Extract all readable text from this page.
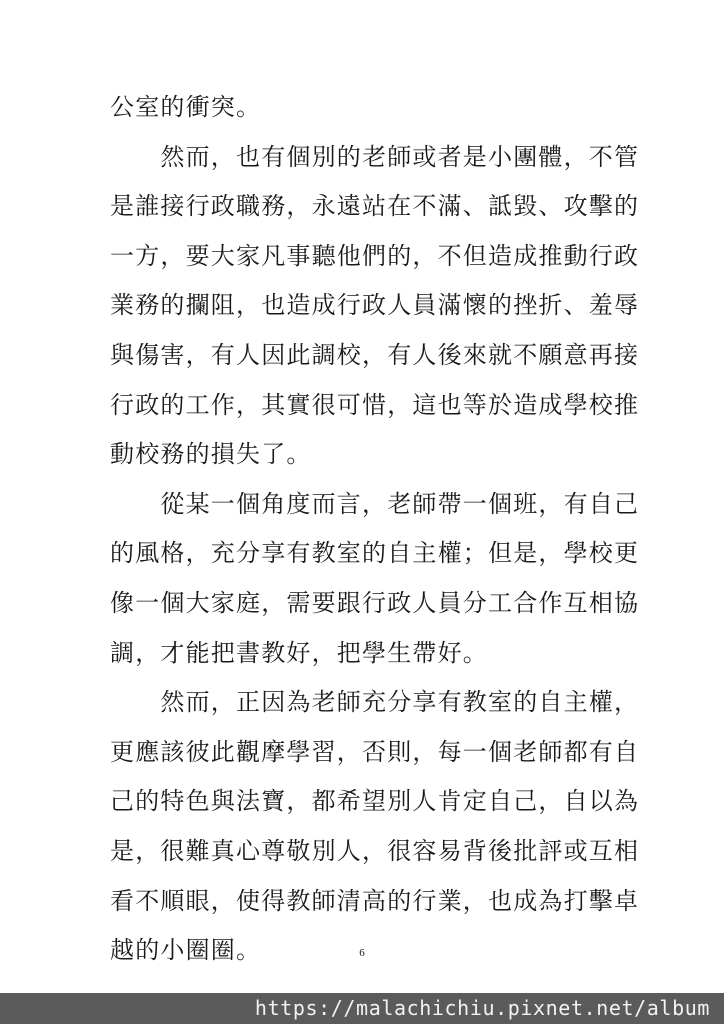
公室的衝突。
　　然而，也有個別的老師或者是小團體，不管
是誰接行政職務，永遠站在不滿、詆毀、攻擊的
一方，要大家凡事聽他們的，不但造成推動行政
業務的攔阻，也造成行政人員滿懷的挫折、羞辱
與傷害，有人因此調校，有人後來就不願意再接
行政的工作，其實很可惜，這也等於造成學校推
動校務的損失了。
　　從某一個角度而言，老師帶一個班，有自己
的風格，充分享有教室的自主權；但是，學校更
像一個大家庭，需要跟行政人員分工合作互相協
調，才能把書教好，把學生帶好。
　　然而，正因為老師充分享有教室的自主權，
更應該彼此觀摩學習，否則，每一個老師都有自
己的特色與法寶，都希望別人肯定自己，自以為
是，很難真心尊敬別人，很容易背後批評或互相
看不順眼，使得教師清高的行業，也成為打擊卓
越的小圈圈。	6
https://malachichiu.pixnet.net/album
